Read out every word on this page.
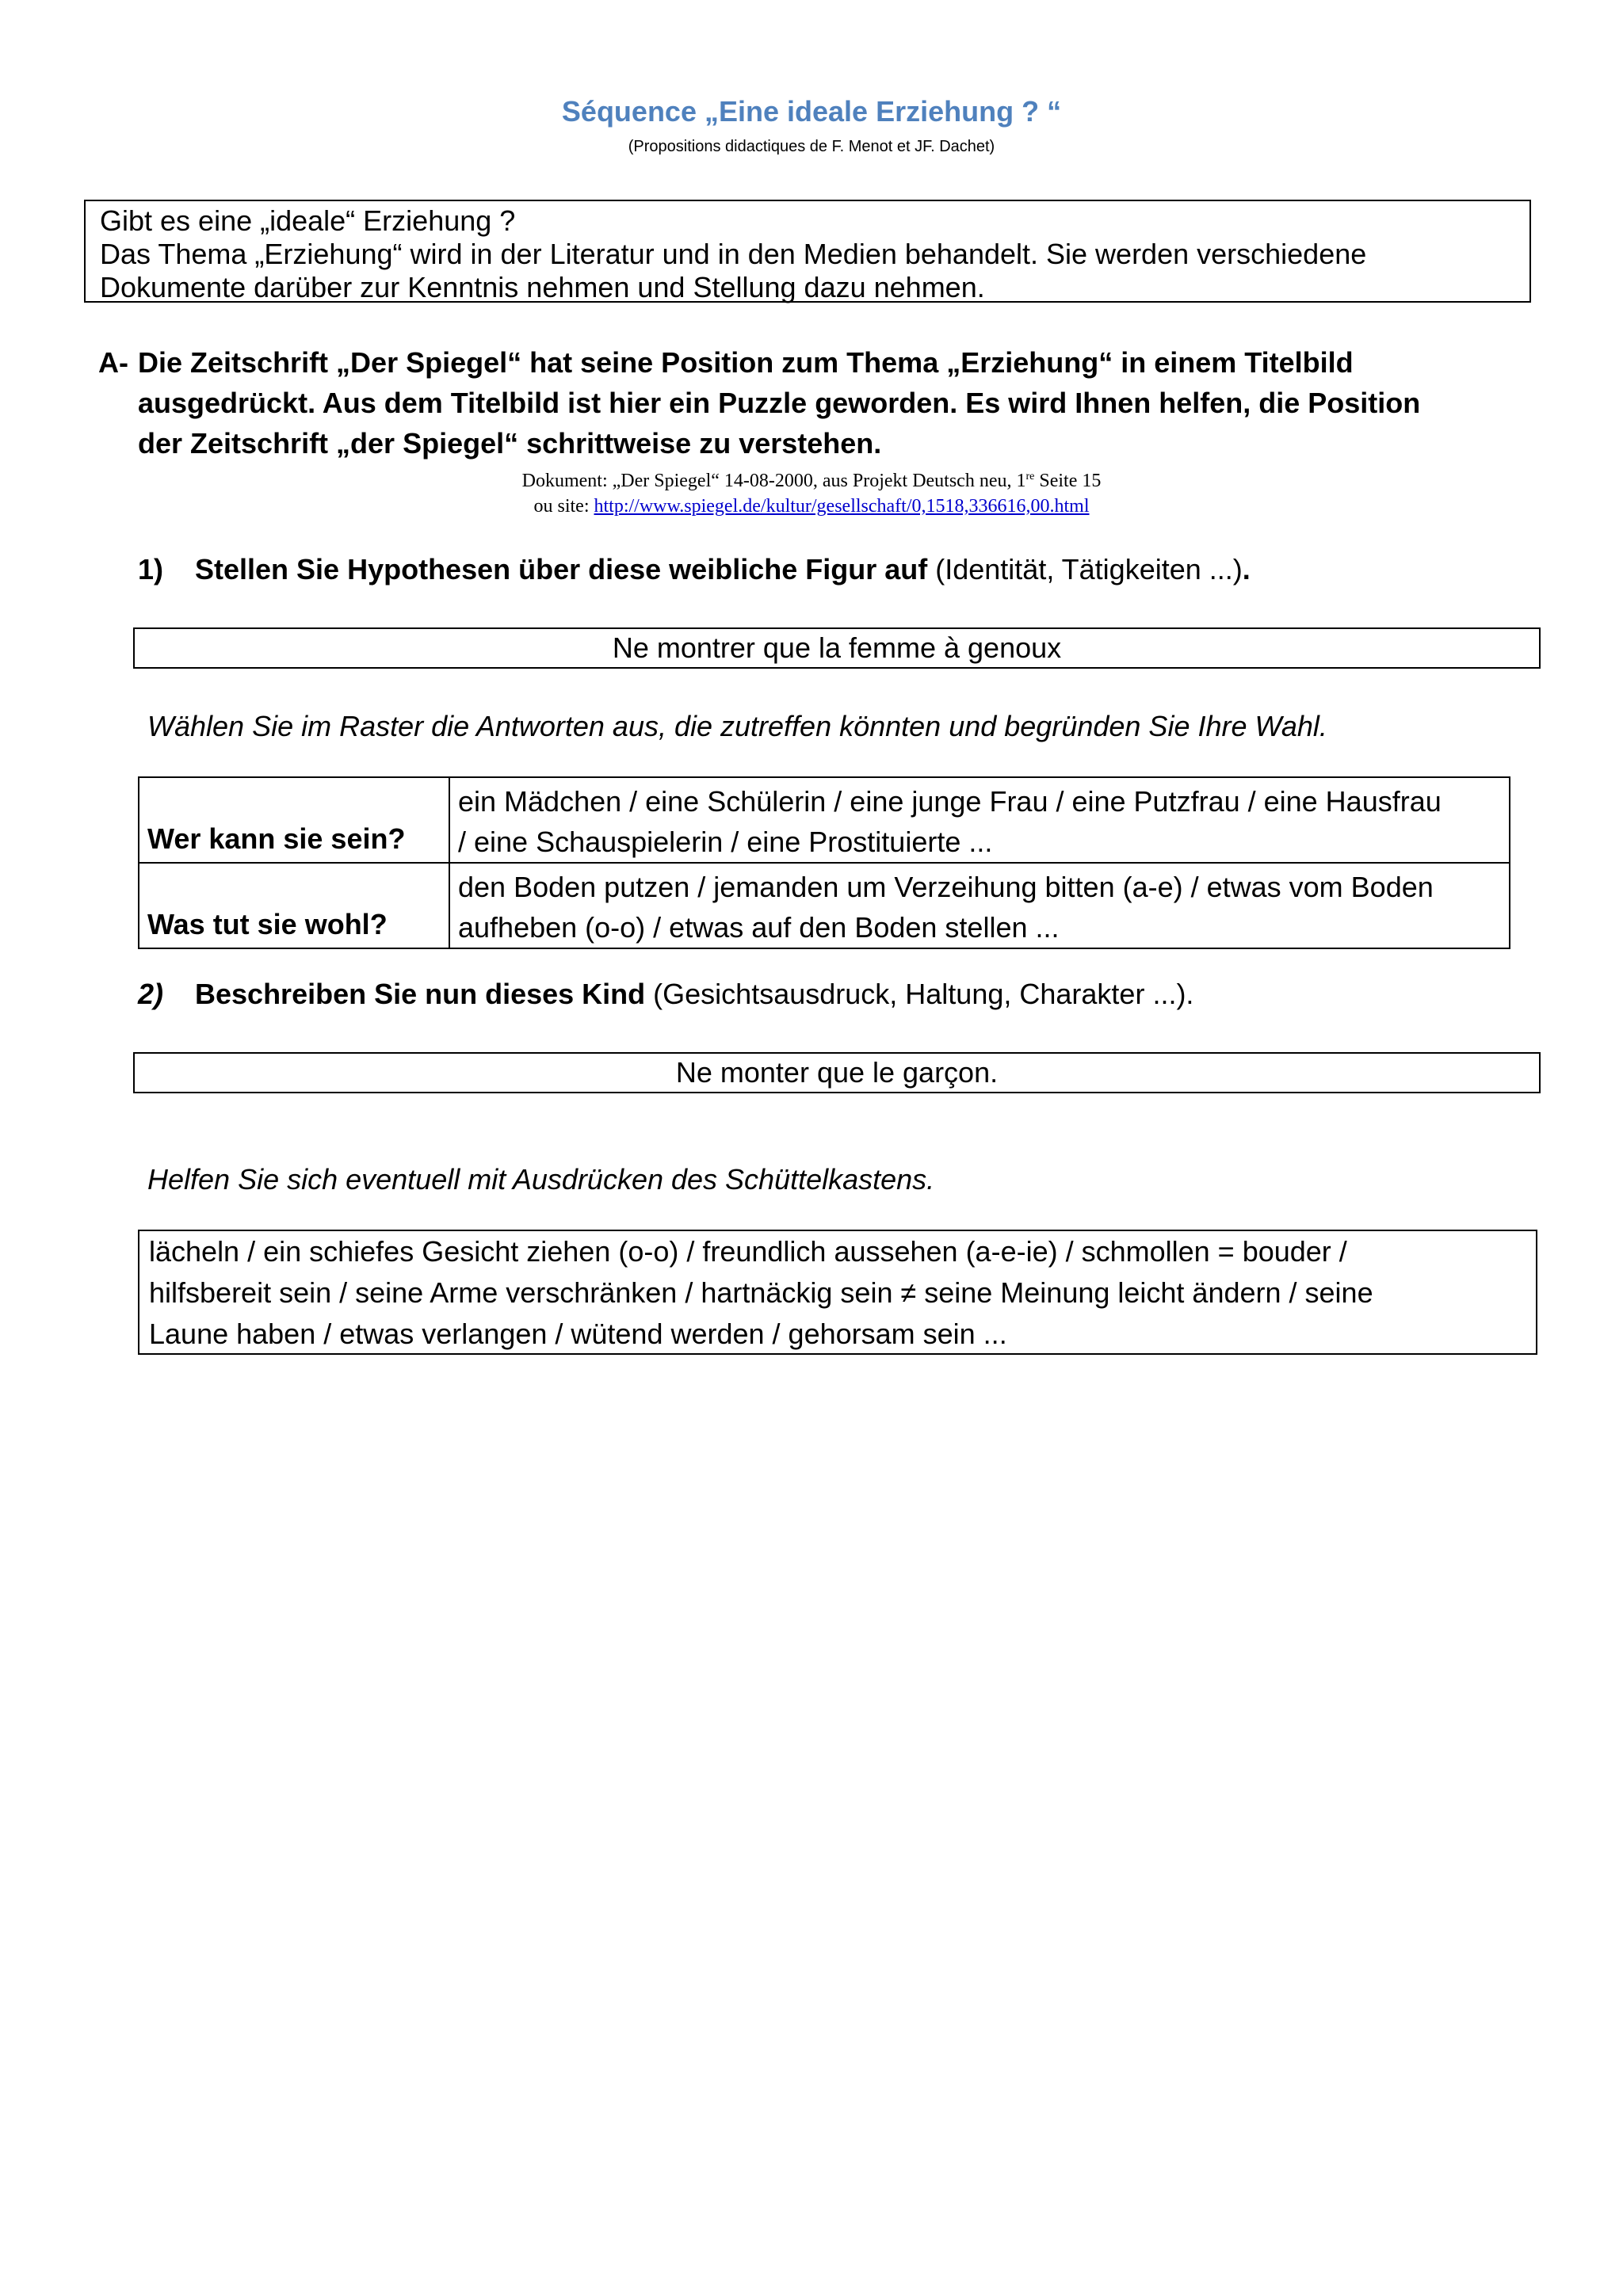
Séquence „Eine ideale Erziehung ? “
(Propositions didactiques de F. Menot et JF. Dachet)
Gibt es eine „ideale“ Erziehung ?
Das Thema „Erziehung“ wird in der Literatur und in den Medien behandelt. Sie werden verschiedene
Dokumente darüber zur Kenntnis nehmen und Stellung dazu nehmen.
A- Die Zeitschrift „Der Spiegel“ hat seine Position zum Thema „Erziehung“ in einem Titelbild
ausgedrückt. Aus dem Titelbild ist hier ein Puzzle geworden. Es wird Ihnen helfen, die Position
der Zeitschrift „der Spiegel“ schrittweise zu verstehen.
Dokument: „Der Spiegel“ 14-08-2000, aus Projekt Deutsch neu, 1re Seite 15
ou site: http://www.spiegel.de/kultur/gesellschaft/0,1518,336616,00.html
1) Stellen Sie Hypothesen über diese weibliche Figur auf (Identität, Tätigkeiten ...).
Ne montrer que la femme à genoux
Wählen Sie im Raster die Antworten aus, die zutreffen könnten und begründen Sie Ihre Wahl.
Wer kann sie sein?	ein Mädchen / eine Schülerin / eine junge Frau / eine Putzfrau / eine Hausfrau
/ eine Schauspielerin / eine Prostituierte ...

Was tut sie wohl?	den Boden putzen / jemanden um Verzeihung bitten (a-e) / etwas vom Boden
aufheben (o-o) / etwas auf den Boden stellen ...
2) Beschreiben Sie nun dieses Kind (Gesichtsausdruck, Haltung, Charakter ...).
Ne monter que le garçon.
Helfen Sie sich eventuell mit Ausdrücken des Schüttelkastens.
lächeln / ein schiefes Gesicht ziehen (o-o) / freundlich aussehen (a-e-ie) / schmollen = bouder /
hilfsbereit sein / seine Arme verschränken / hartnäckig sein ≠ seine Meinung leicht ändern / seine
Laune haben / etwas verlangen / wütend werden / gehorsam sein ...
